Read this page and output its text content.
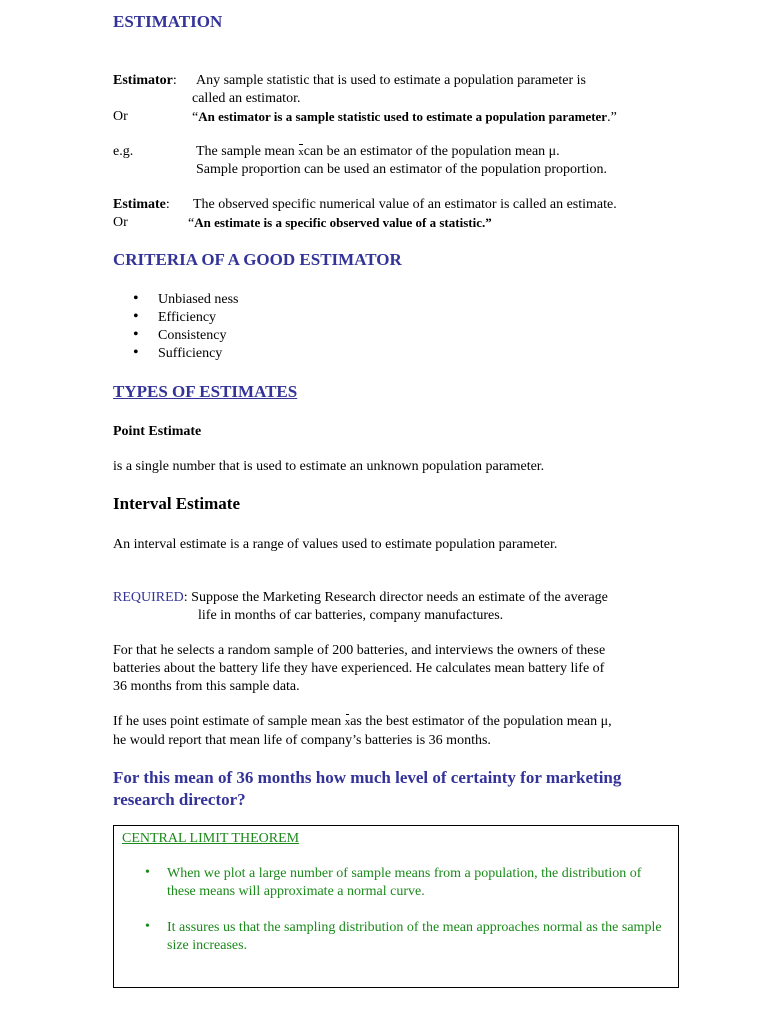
ESTIMATION
Estimator: Any sample statistic that is used to estimate a population parameter is
called an estimator.
Or	“An estimator is a sample statistic used to estimate a population parameter.”
e.g.	The sample mean xcan be an estimator of the population mean μ.
Sample proportion can be used an estimator of the population proportion.
Estimate: The observed specific numerical value of an estimator is called an estimate.
Or	“An estimate is a specific observed value of a statistic.”
CRITERIA OF A GOOD ESTIMATOR
• Unbiased ness
• Efficiency
• Consistency
• Sufficiency
TYPES OF ESTIMATES
Point Estimate
is a single number that is used to estimate an unknown population parameter.
Interval Estimate
An interval estimate is a range of values used to estimate population parameter.
REQUIRED: Suppose the Marketing Research director needs an estimate of the average
life in months of car batteries, company manufactures.
For that he selects a random sample of 200 batteries, and interviews the owners of these
batteries about the battery life they have experienced. He calculates mean battery life of
36 months from this sample data.
If he uses point estimate of sample mean xas the best estimator of the population mean μ,
he would report that mean life of company’s batteries is 36 months.
For this mean of 36 months how much level of certainty for marketing
research director?
CENTRAL LIMIT THEOREM
• When we plot a large number of sample means from a population, the distribution of these means will approximate a normal curve.
• It assures us that the sampling distribution of the mean approaches normal as the sample size increases.
